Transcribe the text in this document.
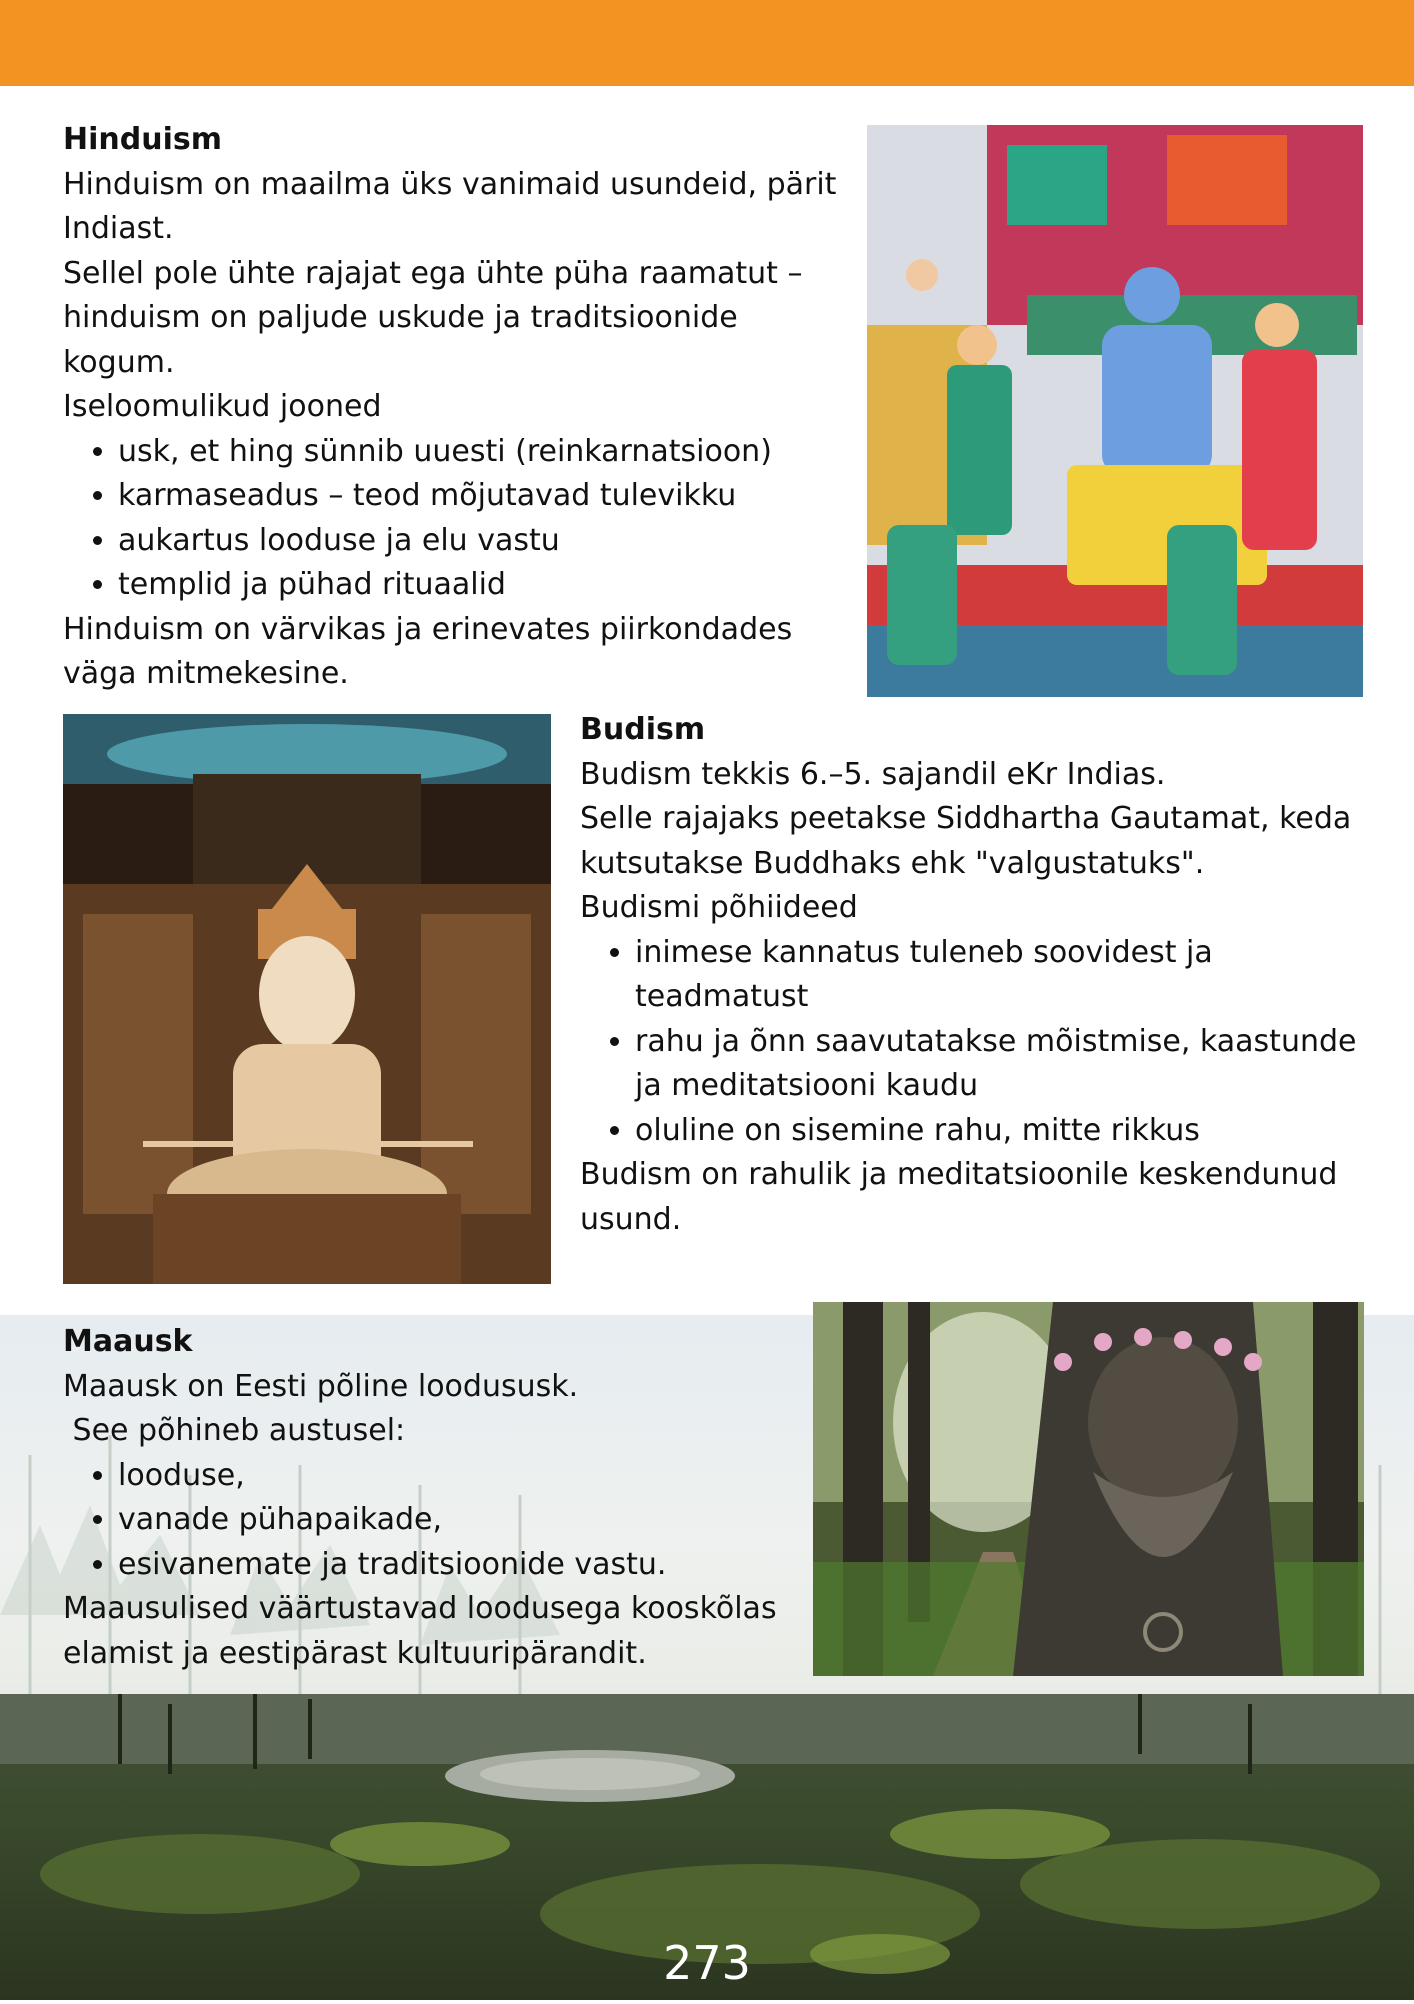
Hinduism

Hinduism on maailma üks vanimaid usundeid, pärit Indiast.

Sellel pole ühte rajajat ega ühte püha raamatut – hinduism on paljude uskude ja traditsioonide kogum.

Iseloomulikud jooned

• usk, et hing sünnib uuesti (reinkarnatsioon)
• karmaseadus – teod mõjutavad tulevikku
• aukartus looduse ja elu vastu
• templid ja pühad rituaalid

Hinduism on värvikas ja erinevates piirkondades väga mitmekesine.

Budism

Budism tekkis 6.–5. sajandil eKr Indias.

Selle rajajaks peetakse Siddhartha Gautamat, keda kutsutakse Buddhaks ehk "valgustatuks".

Budismi põhiideed

• inimese kannatus tuleneb soovidest ja teadmatust
• rahu ja õnn saavutatakse mõistmise, kaastunde ja meditatsiooni kaudu
• oluline on sisemine rahu, mitte rikkus

Budism on rahulik ja meditatsioonile keskendunud usund.

Maausk

Maausk on Eesti põline loodususk.

See põhineb austusel:

• looduse,
• vanade pühapaikade,
• esivanemate ja traditsioonide vastu.

Maausulised väärtustavad loodusega kooskõlas elamist ja eestipärast kultuuripärandit.

273
